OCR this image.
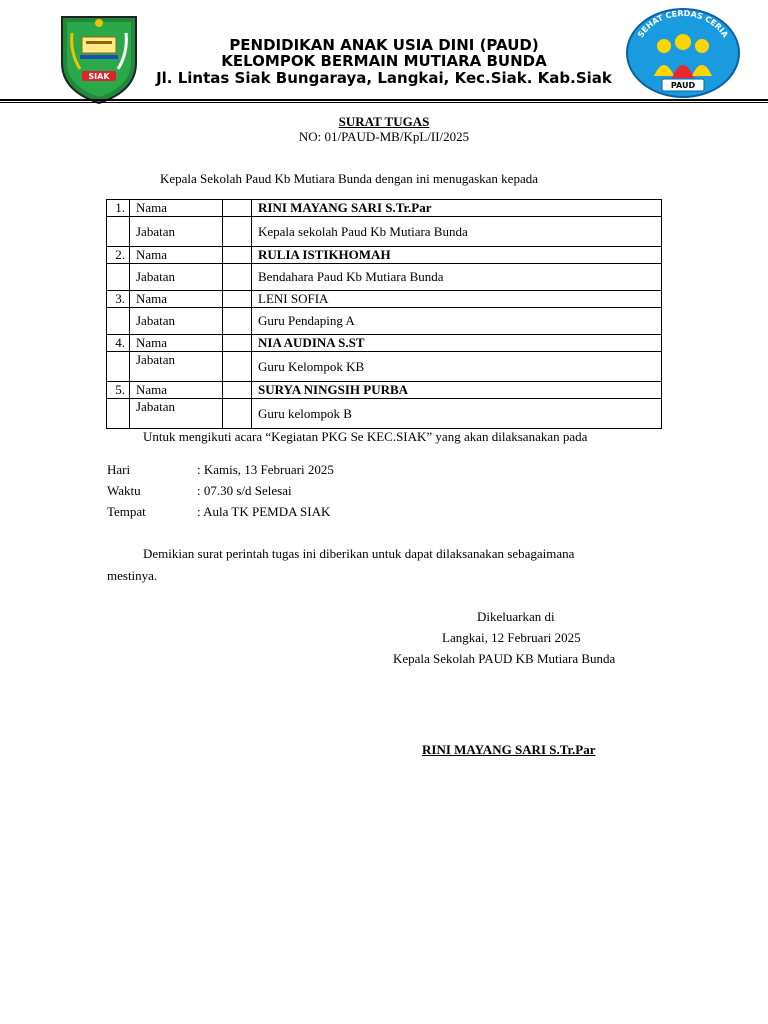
SIAK
SEHAT CERDAS CERIA
PAUD
PENDIDIKAN ANAK USIA DINI (PAUD)
KELOMPOK BERMAIN MUTIARA BUNDA
Jl. Lintas Siak Bungaraya, Langkai, Kec.Siak. Kab.Siak
SURAT TUGAS
NO: 01/PAUD-MB/KpL/II/2025
Kepala Sekolah Paud Kb Mutiara Bunda dengan ini menugaskan kepada
1.	Nama		RINI MAYANG SARI S.Tr.Par
	Jabatan		Kepala sekolah Paud Kb Mutiara Bunda
2.	Nama		RULIA ISTIKHOMAH
	Jabatan		Bendahara Paud Kb Mutiara Bunda
3.	Nama		LENI SOFIA
	Jabatan		Guru Pendaping A
4.	Nama		NIA AUDINA S.ST
	Jabatan		Guru Kelompok KB
5.	Nama		SURYA NINGSIH PURBA
	Jabatan		Guru kelompok B
Untuk mengikuti acara “Kegiatan PKG Se KEC.SIAK” yang akan dilaksanakan pada
Hari	: Kamis, 13 Februari 2025
Waktu	: 07.30 s/d Selesai
Tempat	: Aula TK PEMDA SIAK
Demikian surat perintah tugas ini diberikan untuk dapat dilaksanakan sebagaimana
mestinya.
Dikeluarkan di
Langkai, 12 Februari 2025
Kepala Sekolah PAUD KB Mutiara Bunda
RINI MAYANG SARI S.Tr.Par
